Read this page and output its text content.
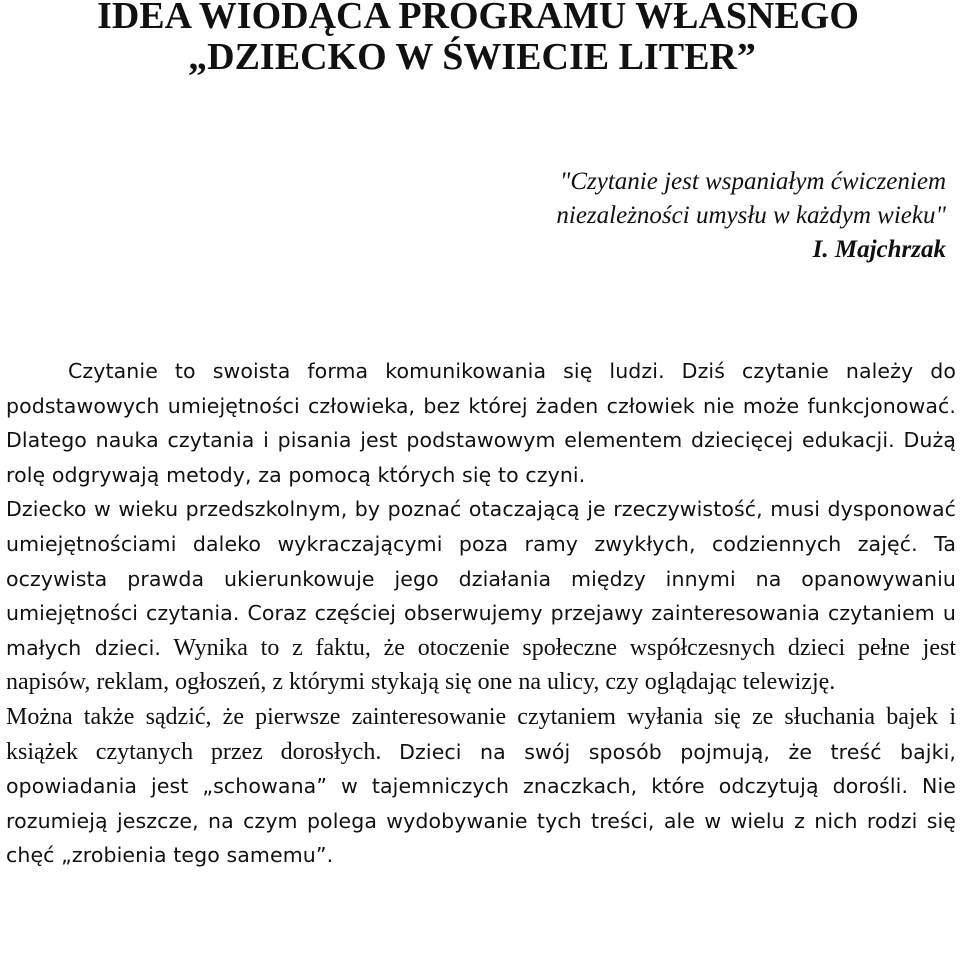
IDEA WIODĄCA PROGRAMU WŁASNEGO
„DZIECKO W ŚWIECIE LITER”
"Czytanie jest wspaniałym ćwiczeniem
niezależności umysłu w każdym wieku"
I. Majchrzak

Czytanie to swoista forma komunikowania się ludzi. Dziś czytanie należy do podstawowych umiejętności człowieka, bez której żaden człowiek nie może funkcjonować. Dlatego nauka czytania i pisania jest podstawowym elementem dziecięcej edukacji. Dużą rolę odgrywają metody, za pomocą których się to czyni.

Dziecko w wieku przedszkolnym, by poznać otaczającą je rzeczywistość, musi dysponować umiejętnościami daleko wykraczającymi poza ramy zwykłych, codziennych zajęć. Ta oczywista prawda ukierunkowuje jego działania między innymi na opanowywaniu umiejętności czytania. Coraz częściej obserwujemy przejawy zainteresowania czytaniem u małych dzieci. Wynika to z faktu, że otoczenie społeczne współczesnych dzieci pełne jest napisów, reklam, ogłoszeń, z którymi stykają się one na ulicy, czy oglądając telewizję.

Można także sądzić, że pierwsze zainteresowanie czytaniem wyłania się ze słuchania bajek i książek czytanych przez dorosłych. Dzieci na swój sposób pojmują, że treść bajki, opowiadania jest „schowana” w tajemniczych znaczkach, które odczytują dorośli. Nie rozumieją jeszcze, na czym polega wydobywanie tych treści, ale w wielu z nich rodzi się chęć „zrobienia tego samemu”.
